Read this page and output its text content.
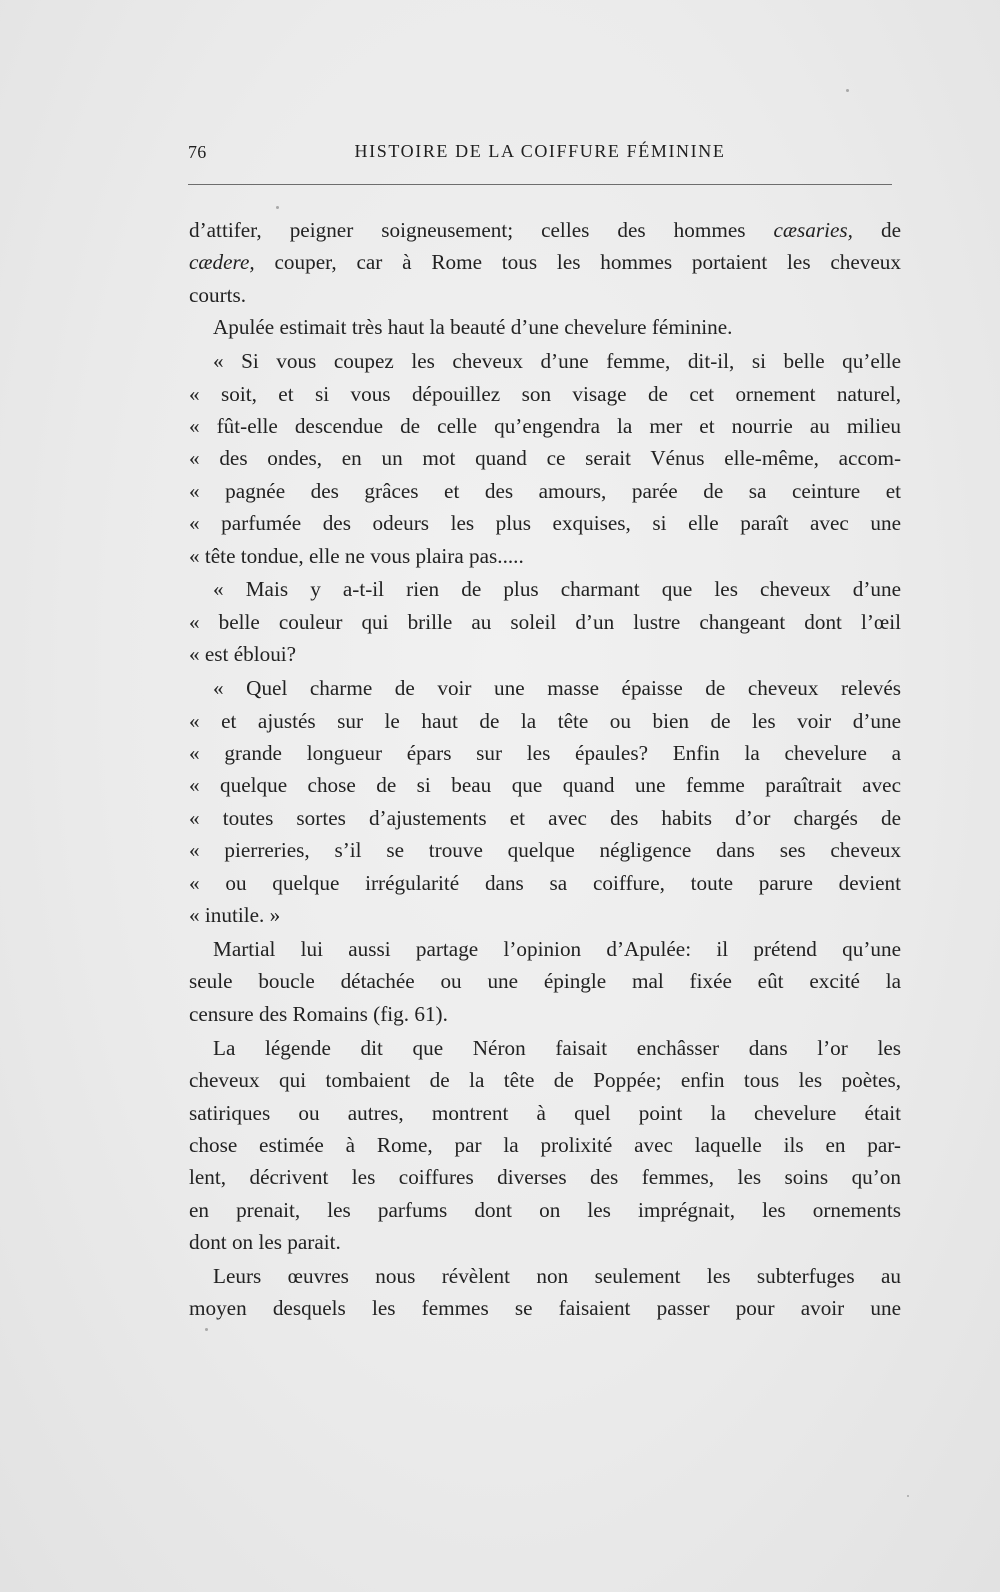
76	HISTOIRE DE LA COIFFURE FÉMININE
d’attifer, peigner soigneusement; celles des hommes cæsaries, de
cædere, couper, car à Rome tous les hommes portaient les cheveux
courts.
Apulée estimait très haut la beauté d’une chevelure féminine.
« Si vous coupez les cheveux d’une femme, dit-il, si belle qu’elle
« soit, et si vous dépouillez son visage de cet ornement naturel,
« fût-elle descendue de celle qu’engendra la mer et nourrie au milieu
« des ondes, en un mot quand ce serait Vénus elle-même, accom-
« pagnée des grâces et des amours, parée de sa ceinture et
« parfumée des odeurs les plus exquises, si elle paraît avec une
« tête tondue, elle ne vous plaira pas.....
« Mais y a-t-il rien de plus charmant que les cheveux d’une
« belle couleur qui brille au soleil d’un lustre changeant dont l’œil
« est ébloui?
« Quel charme de voir une masse épaisse de cheveux relevés
« et ajustés sur le haut de la tête ou bien de les voir d’une
« grande longueur épars sur les épaules? Enfin la chevelure a
« quelque chose de si beau que quand une femme paraîtrait avec
« toutes sortes d’ajustements et avec des habits d’or chargés de
« pierreries, s’il se trouve quelque négligence dans ses cheveux
« ou quelque irrégularité dans sa coiffure, toute parure devient
« inutile. »
Martial lui aussi partage l’opinion d’Apulée: il prétend qu’une
seule boucle détachée ou une épingle mal fixée eût excité la
censure des Romains (fig. 61).
La légende dit que Néron faisait enchâsser dans l’or les
cheveux qui tombaient de la tête de Poppée; enfin tous les poètes,
satiriques ou autres, montrent à quel point la chevelure était
chose estimée à Rome, par la prolixité avec laquelle ils en par-
lent, décrivent les coiffures diverses des femmes, les soins qu’on
en prenait, les parfums dont on les imprégnait, les ornements
dont on les parait.
Leurs œuvres nous révèlent non seulement les subterfuges au
moyen desquels les femmes se faisaient passer pour avoir une
